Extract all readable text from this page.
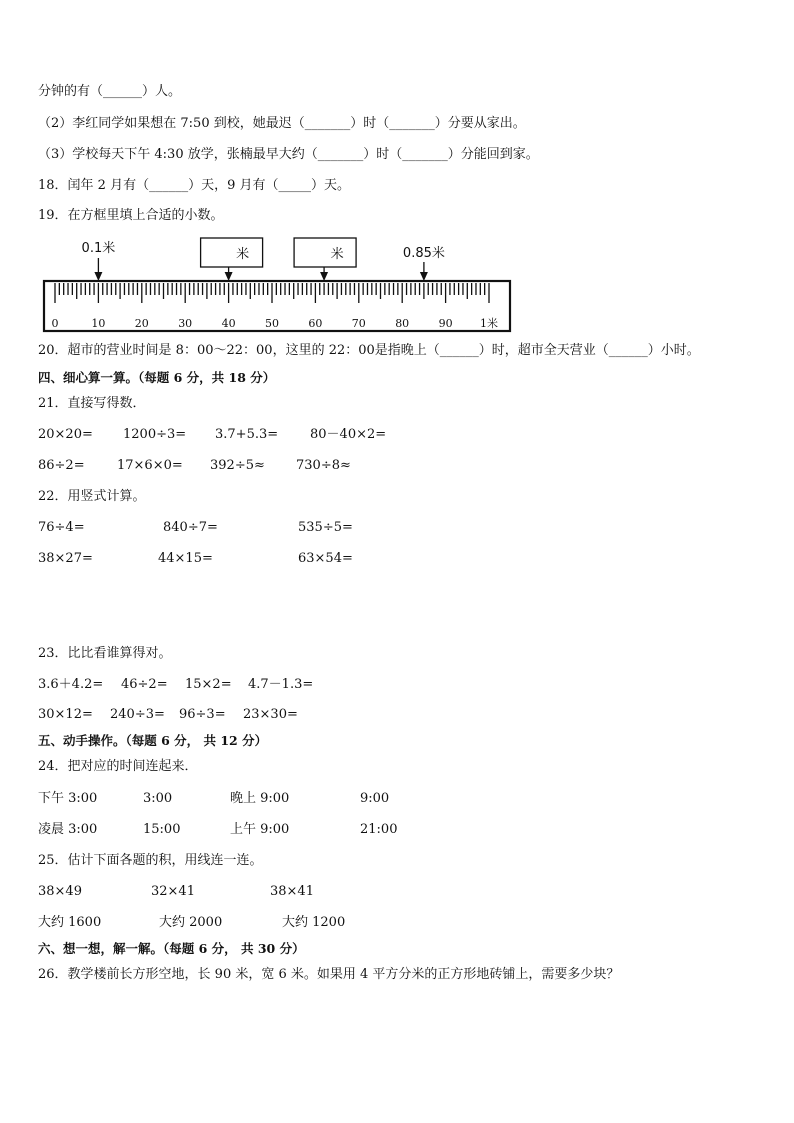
分钟的有（______）人。
（2）李红同学如果想在 7:50 到校，她最迟（_______）时（_______）分要从家出。
（3）学校每天下午 4:30 放学，张楠最早大约（_______）时（_______）分能回到家。
18．闰年 2 月有（______）天，9 月有（_____）天。
19．在方框里填上合适的小数。
0.1米	米	米	0.85米
0	10	20	30	40	50	60	70	80	90 1米
20．超市的营业时间是 8：00～22：00，这里的 22：00是指晚上（______）时，超市全天营业（______）小时。
四、细心算一算。（每题 6 分，共 18 分）
21．直接写得数．
20×20= 1200÷3= 3.7+5.3= 80－40×2=
86÷2= 17×6×0= 392÷5≈ 730÷8≈
22．用竖式计算。
76÷4=	840÷7=	535÷5=
38×27=	44×15=	63×54=
23．比比看谁算得对。
3.6＋4.2= 46÷2= 15×2= 4.7－1.3=
30×12= 240÷3= 96÷3= 23×30=
五、动手操作。（每题 6 分， 共 12 分）
24．把对应的时间连起来．
下午 3:00	3:00	晚上 9:00	9:00
凌晨 3:00	15:00	上午 9:00	21:00
25．估计下面各题的积，用线连一连。
38×49	32×41	38×41
大约 1600	大约 2000	大约 1200
六、想一想，解一解。（每题 6 分， 共 30 分）
26．教学楼前长方形空地，长 90 米，宽 6 米。如果用 4 平方分米的正方形地砖铺上，需要多少块？
